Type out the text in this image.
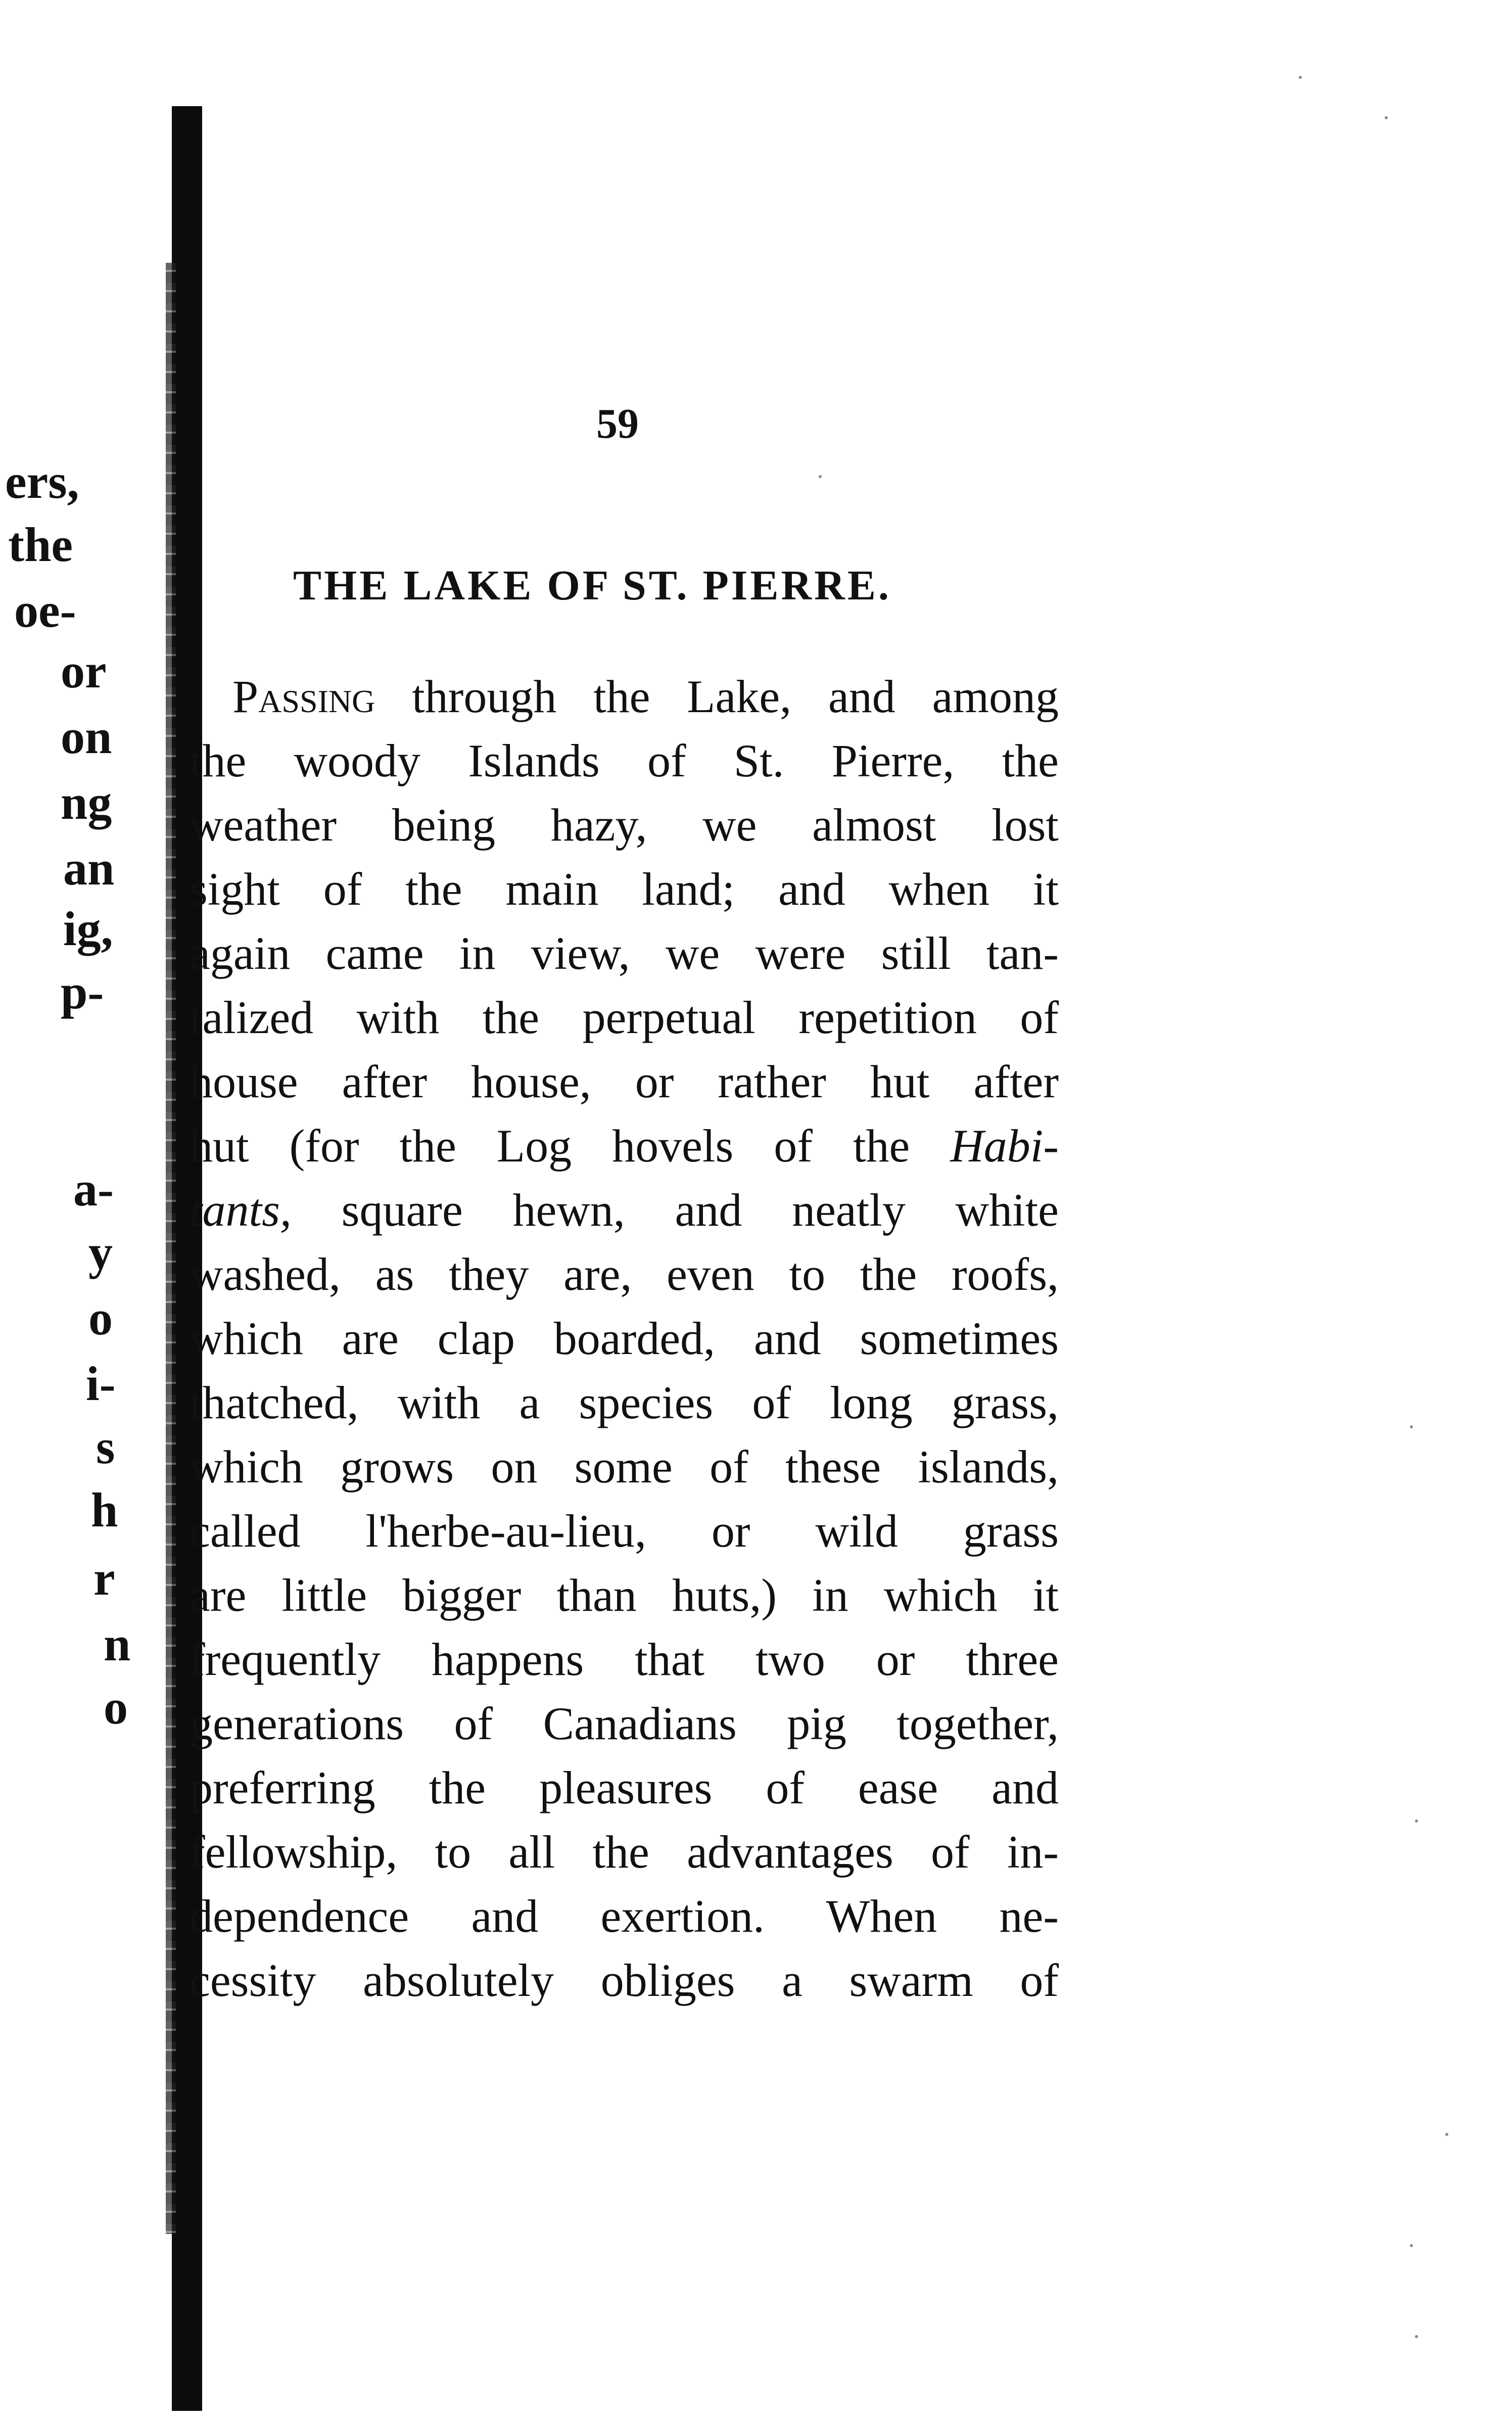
ers,
the
oe-
or
on
ng
an
ig,
p-
a-
y
o
i-
s
h
r
n
o
59
THE LAKE OF ST. PIERRE.
Passing through the Lake, and among
the woody Islands of St. Pierre, the
weather being hazy, we almost lost
sight of the main land; and when it
again came in view, we were still tan-
talized with the perpetual repetition of
house after house, or rather hut after
hut (for the Log hovels of the Habi-
tants, square hewn, and neatly white
washed, as they are, even to the roofs,
which are clap boarded, and sometimes
thatched, with a species of long grass,
which grows on some of these islands,
called l'herbe-au-lieu, or wild grass
are little bigger than huts,) in which it
frequently happens that two or three
generations of Canadians pig together,
preferring the pleasures of ease and
fellowship, to all the advantages of in-
dependence and exertion. When ne-
cessity absolutely obliges a swarm of
